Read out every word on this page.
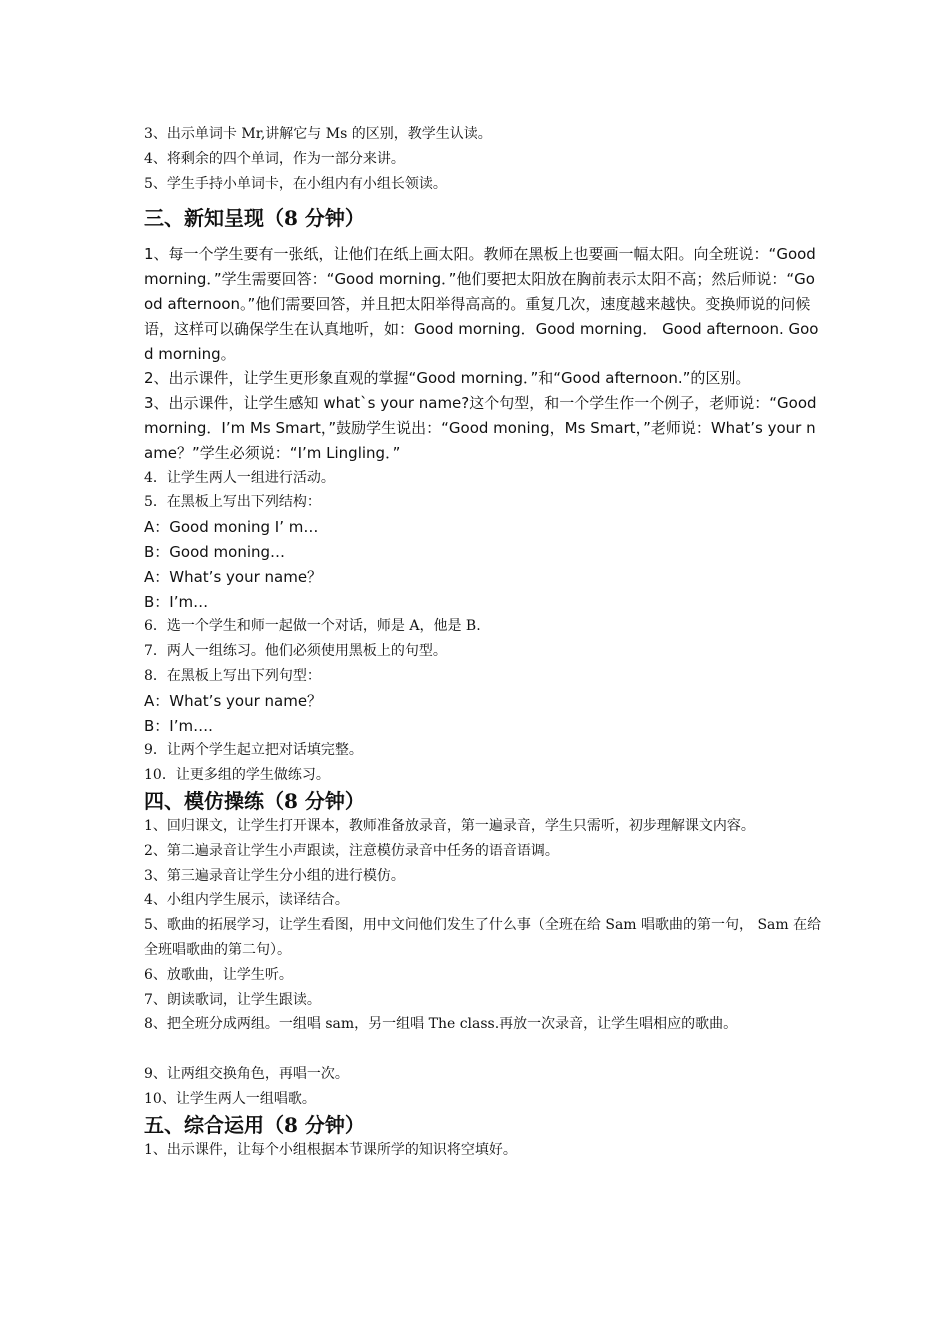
3、出示单词卡 Mr,讲解它与 Ms 的区别，教学生认读。

4、将剩余的四个单词，作为一部分来讲。

5、学生手持小单词卡，在小组内有小组长领读。

三、新知呈现（8 分钟）

1、每一个学生要有一张纸，让他们在纸上画太阳。教师在黑板上也要画一幅太阳。向全班说：“Good morning．”学生需要回答：“Good morning．”他们要把太阳放在胸前表示太阳不高；然后师说：“Good afternoon。”他们需要回答，并且把太阳举得高高的。重复几次，速度越来越快。变换师说的问候语，这样可以确保学生在认真地听，如：Good morning．Good morning． Good afternoon. Good morning。

2、出示课件，让学生更形象直观的掌握“Good morning．”和“Good afternoon.”的区别。

3、出示课件，让学生感知 what`s your name?这个句型，和一个学生作一个例子，老师说：“Good morning．I’m Ms Smart，”鼓励学生说出：“Good moning，Ms Smart，”老师说：What’s your name？”学生必须说：“I’m Lingling．”

4．让学生两人一组进行活动。

5．在黑板上写出下列结构：

A：Good moning I’ m…

B：Good moning…

A：What’s your name？

B：I’m…

6．选一个学生和师一起做一个对话，师是 A，他是 B.

7．两人一组练习。他们必须使用黑板上的句型。

8．在黑板上写出下列句型：

A：What’s your name？

B：I’m….

9．让两个学生起立把对话填完整。

10．让更多组的学生做练习。

四、模仿操练（8 分钟）

1、回归课文，让学生打开课本，教师准备放录音，第一遍录音，学生只需听，初步理解课文内容。

2、第二遍录音让学生小声跟读，注意模仿录音中任务的语音语调。

3、第三遍录音让学生分小组的进行模仿。

4、小组内学生展示，读译结合。

5、歌曲的拓展学习，让学生看图，用中文问他们发生了什么事（全班在给 Sam 唱歌曲的第一句， Sam 在给全班唱歌曲的第二句）。

6、放歌曲，让学生听。

7、朗读歌词，让学生跟读。

8、把全班分成两组。一组唱 sam，另一组唱 The class.再放一次录音，让学生唱相应的歌曲。

9、让两组交换角色，再唱一次。

10、让学生两人一组唱歌。

五、综合运用（8 分钟）

1、出示课件，让每个小组根据本节课所学的知识将空填好。
